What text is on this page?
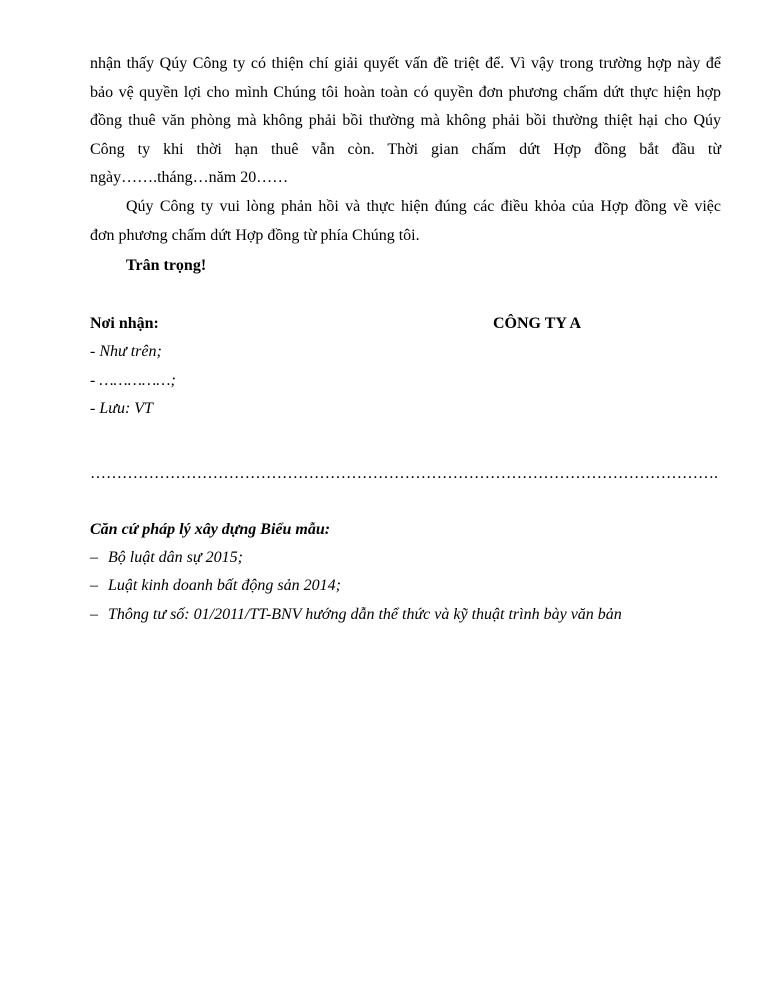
nhận thấy Qúy Công ty có thiện chí giải quyết vấn đề triệt để. Vì vậy trong trường hợp này để
bảo vệ quyền lợi cho mình Chúng tôi hoàn toàn có quyền đơn phương chấm dứt thực hiện hợp
đồng thuê văn phòng mà không phải bồi thường mà không phải bồi thường thiệt hại cho Qúy
Công ty khi thời hạn thuê vẫn còn. Thời gian chấm dứt Hợp đồng bắt đầu từ
ngày…….tháng…năm 20……

Qúy Công ty vui lòng phản hồi và thực hiện đúng các điều khỏa của Hợp đồng về việc
đơn phương chấm dứt Hợp đồng từ phía Chúng tôi.

Trân trọng!

Nơi nhận:	CÔNG TY A
- Như trên;
- ……………;
- Lưu: VT
……………………………………………………………………………………………………….
Căn cứ pháp lý xây dựng Biểu mẫu:
– Bộ luật dân sự 2015;
– Luật kinh doanh bất động sản 2014;
– Thông tư số: 01/2011/TT-BNV hướng dẫn thể thức và kỹ thuật trình bày văn bản
